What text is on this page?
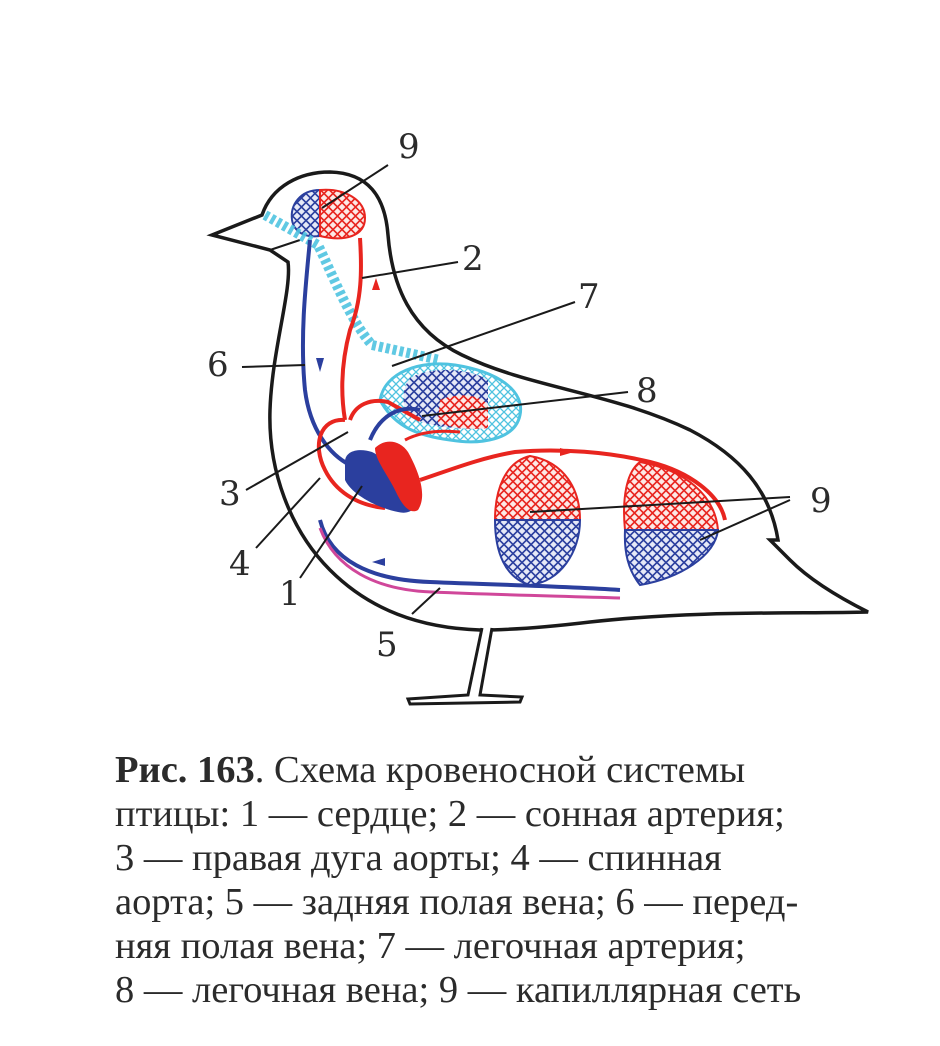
9
2
7
8
6
3
4
1
5
9
Рис. 163. Схема кровеносной системы
птицы: 1 — сердце; 2 — сонная артерия;
3 — правая дуга аорты; 4 — спинная
аорта; 5 — задняя полая вена; 6 — перед-
няя полая вена; 7 — легочная артерия;
8 — легочная вена; 9 — капиллярная сеть
